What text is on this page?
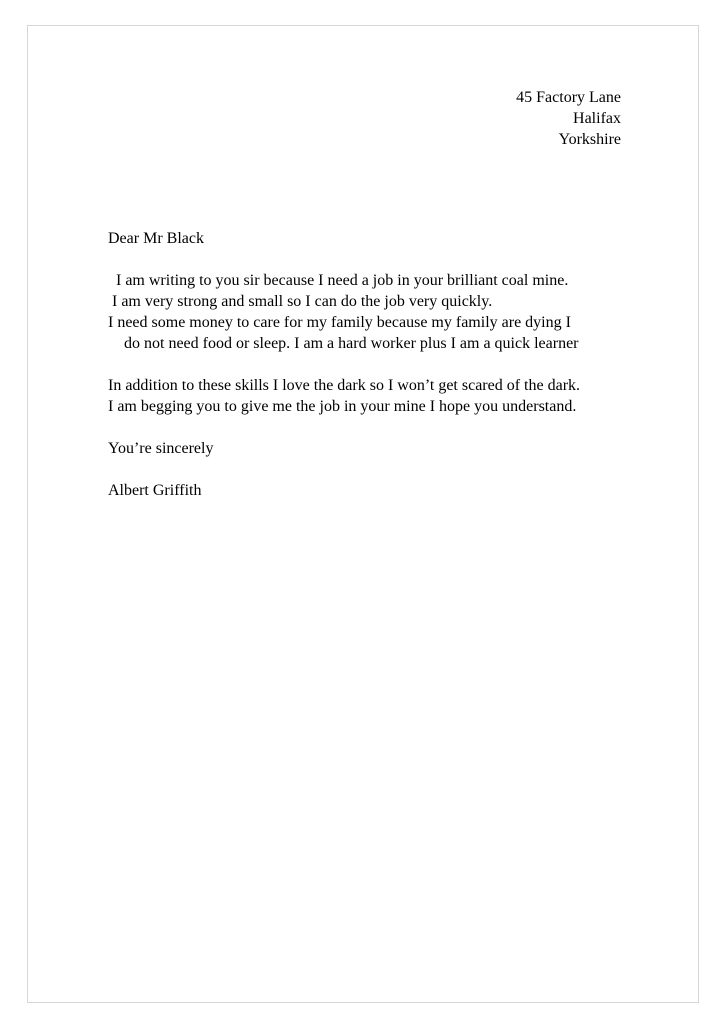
45 Factory Lane
Halifax
Yorkshire
Dear Mr Black
I am writing to you sir because I need a job in your brilliant coal mine.
I am very strong and small so I can do the job very quickly.
I need some money to care for my family because my family are dying I
do not need food or sleep. I am a hard worker plus I am a quick learner
In addition to these skills I love the dark so I won’t get scared of the dark.
I am begging you to give me the job in your mine I hope you understand.
You’re sincerely
Albert Griffith
